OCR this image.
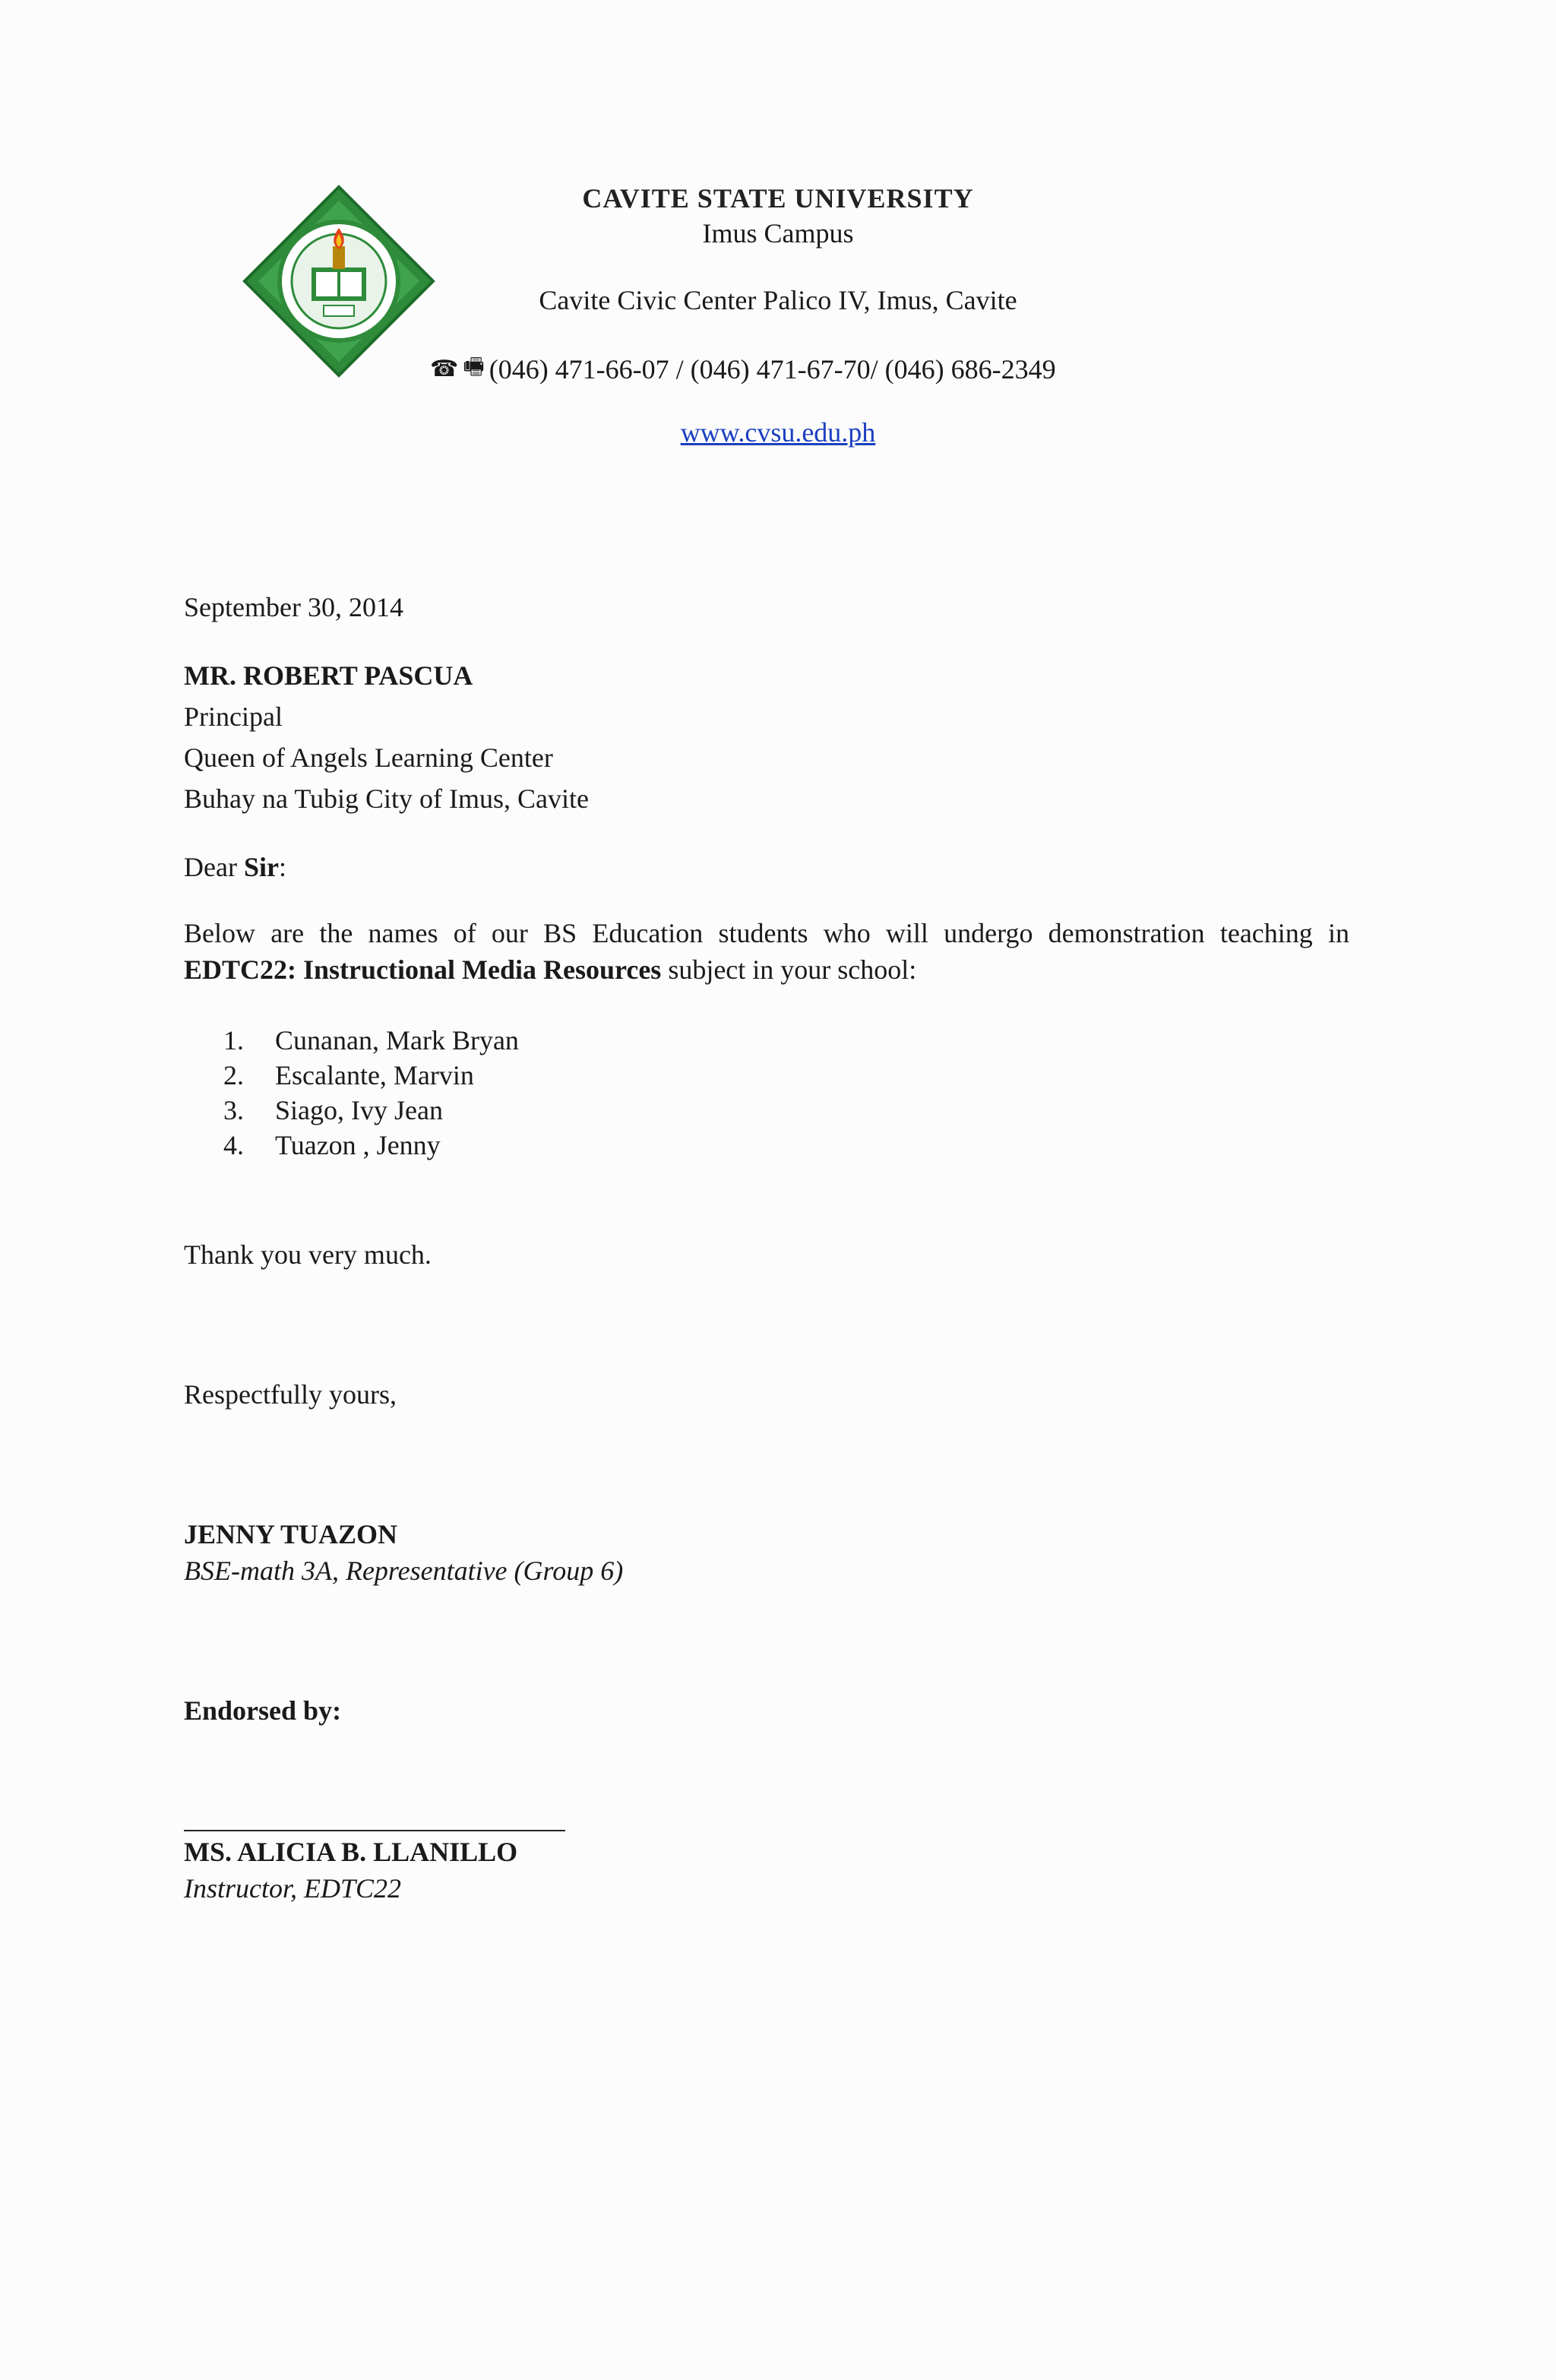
CAVITE STATE UNIVERSITY
Imus Campus
Cavite Civic Center Palico IV, Imus, Cavite
☎ 🖷 (046) 471-66-07 / (046) 471-67-70/ (046) 686-2349
www.cvsu.edu.ph
September 30, 2014
MR. ROBERT PASCUA
Principal
Queen of Angels Learning Center
Buhay na Tubig City of Imus, Cavite
Dear Sir:
Below are the names of our BS Education students who will undergo demonstration teaching in EDTC22: Instructional Media Resources subject in your school:
1.	Cunanan, Mark Bryan
2.	Escalante, Marvin
3.	Siago, Ivy Jean
4.	Tuazon , Jenny
Thank you very much.
Respectfully yours,
JENNY TUAZON
BSE-math 3A, Representative (Group 6)
Endorsed by:
MS. ALICIA B. LLANILLO
Instructor, EDTC22
